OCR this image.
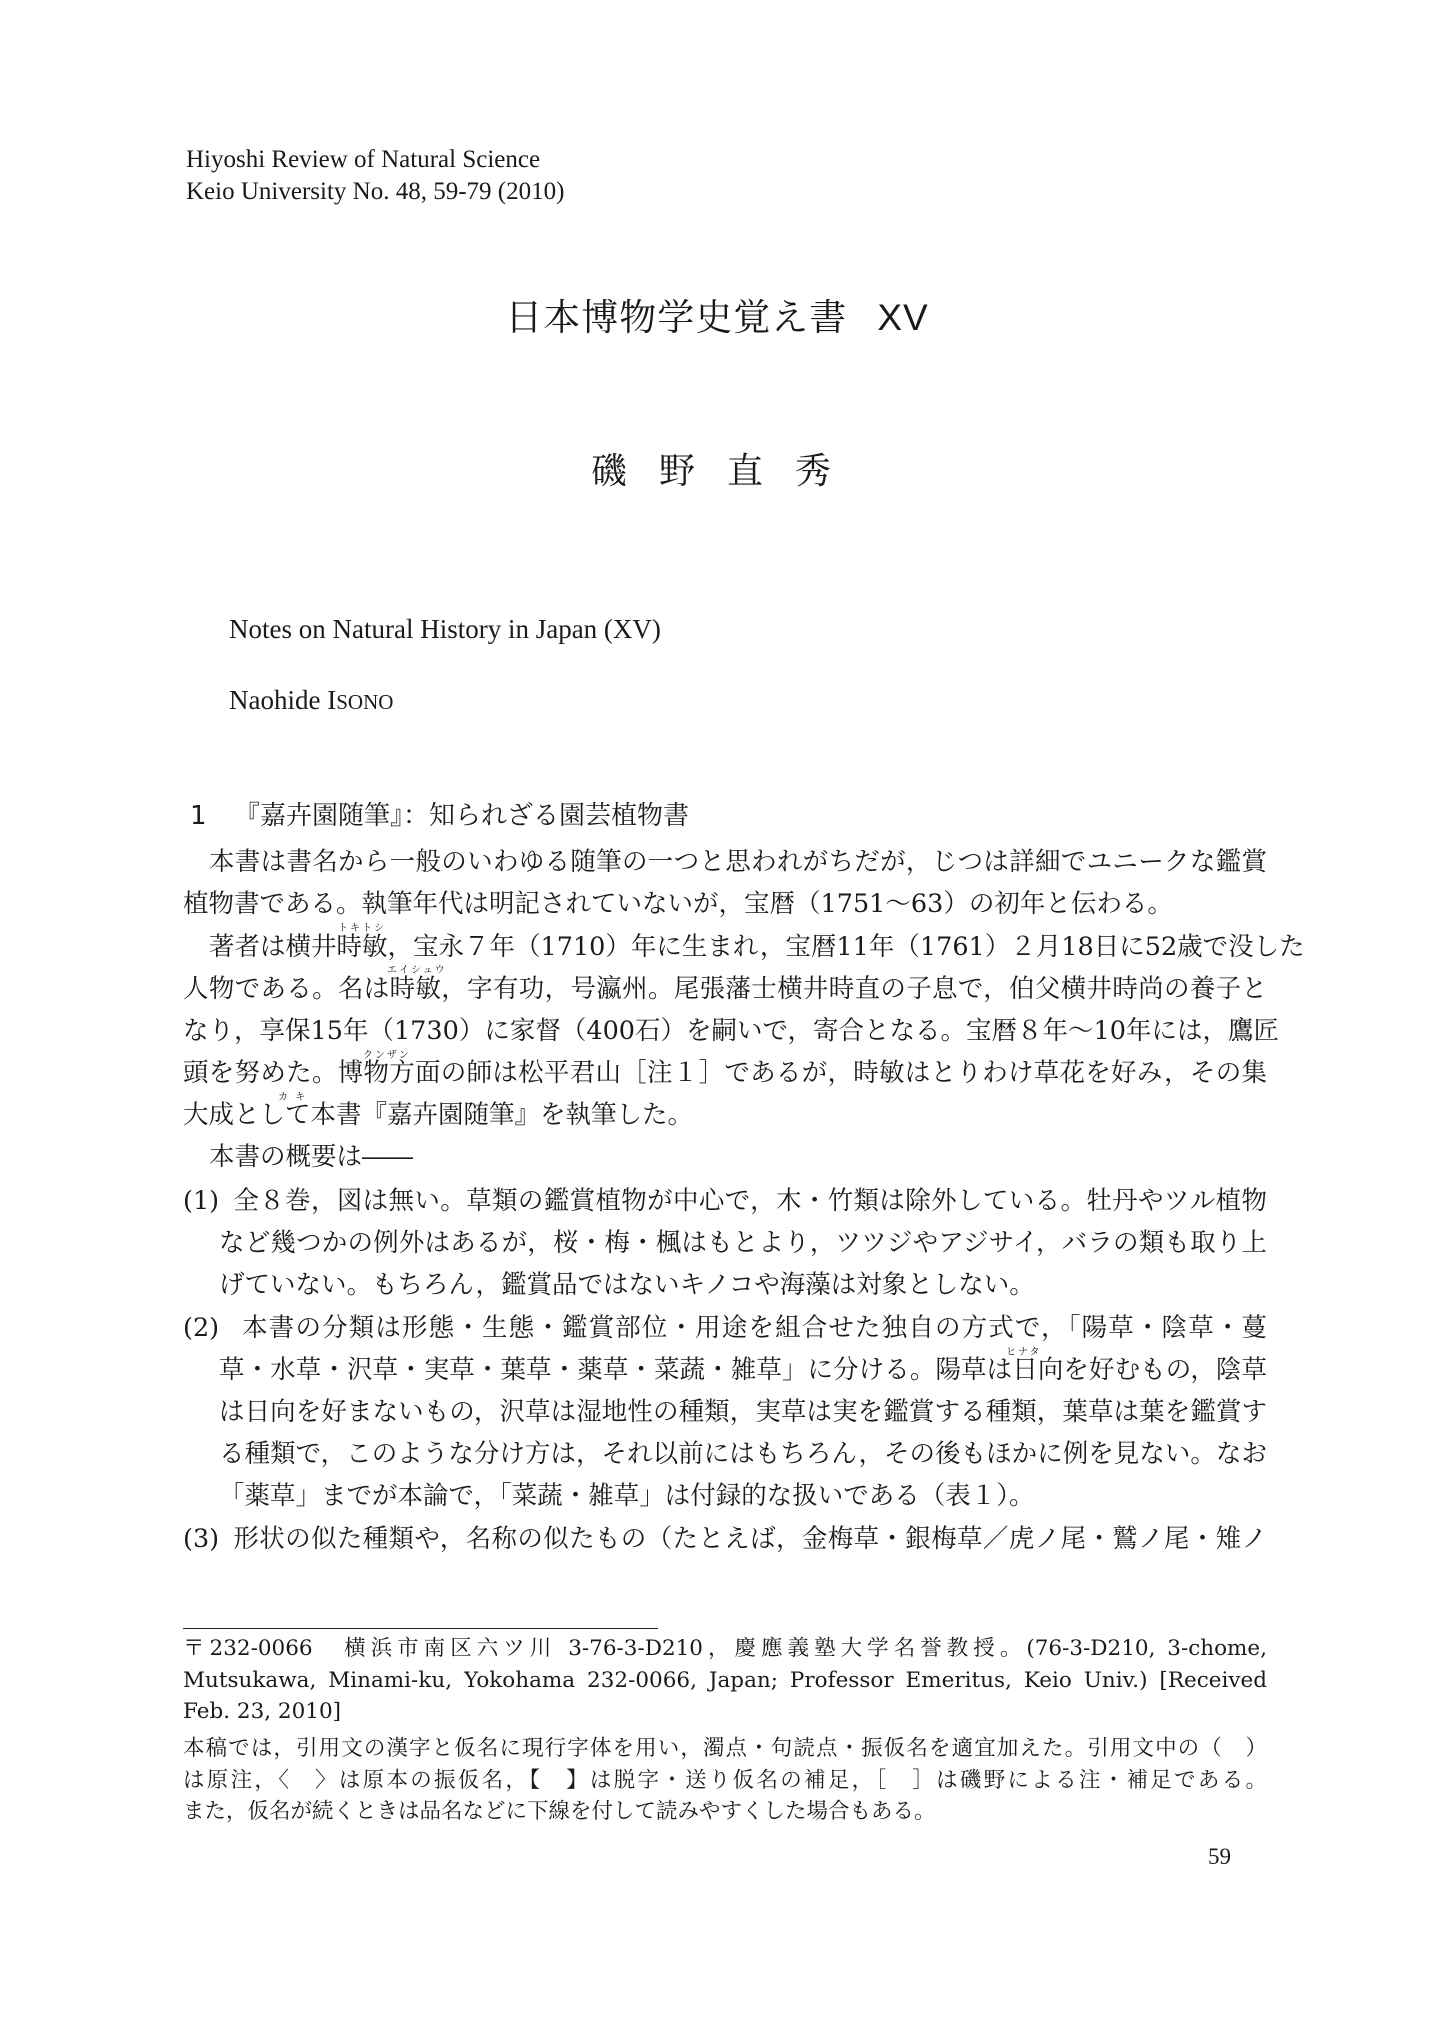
Hiyoshi Review of Natural Science
Keio University No. 48, 59-79 (2010)
日本博物学史覚え書 XV
磯野直秀
Notes on Natural History in Japan (XV)
Naohide ISONO
1 『嘉卉園随筆』：知られざる園芸植物書
本書は書名から一般のいわゆる随筆の一つと思われがちだが，じつは詳細でユニークな鑑賞
植物書である。執筆年代は明記されていないが，宝暦（1751～63）の初年と伝わる。
トキトシ
著者は横井時敏，宝永７年（1710）年に生まれ，宝暦11年（1761）２月18日に52歳で没した
エイシュウ
人物である。名は時敏，字有功，号瀛州。尾張藩士横井時直の子息で，伯父横井時尚の養子と
なり，享保15年（1730）に家督（400石）を嗣いで，寄合となる。宝暦８年～10年には，鷹匠
クンザン
頭を努めた。博物方面の師は松平君山［注１］であるが，時敏はとりわけ草花を好み，その集
カ キ
大成として本書『嘉卉園随筆』を執筆した。
本書の概要は――
(1) 全８巻，図は無い。草類の鑑賞植物が中心で，木・竹類は除外している。牡丹やツル植物
など幾つかの例外はあるが，桜・梅・楓はもとより，ツツジやアジサイ，バラの類も取り上
げていない。もちろん，鑑賞品ではないキノコや海藻は対象としない。
(2) 本書の分類は形態・生態・鑑賞部位・用途を組合せた独自の方式で，「陽草・陰草・蔓
ヒナタ
草・水草・沢草・実草・葉草・薬草・菜蔬・雑草」に分ける。陽草は日向を好むもの，陰草
は日向を好まないもの，沢草は湿地性の種類，実草は実を鑑賞する種類，葉草は葉を鑑賞す
る種類で，このような分け方は，それ以前にはもちろん，その後もほかに例を見ない。なお
「薬草」までが本論で，「菜蔬・雑草」は付録的な扱いである（表１）。
(3) 形状の似た種類や，名称の似たもの（たとえば，金梅草・銀梅草／虎ノ尾・鷲ノ尾・雉ノ
〒232-0066　横浜市南区六ツ川 3-76-3-D210，慶應義塾大学名誉教授。(76-3-D210, 3-chome,
Mutsukawa, Minami-ku, Yokohama 232-0066, Japan; Professor Emeritus, Keio Univ.) [Received
Feb. 23, 2010]
本稿では，引用文の漢字と仮名に現行字体を用い，濁点・句読点・振仮名を適宜加えた。引用文中の（　）
は原注，〈　〉は原本の振仮名，【　】は脱字・送り仮名の補足，［　］は磯野による注・補足である。
また，仮名が続くときは品名などに下線を付して読みやすくした場合もある。
59
